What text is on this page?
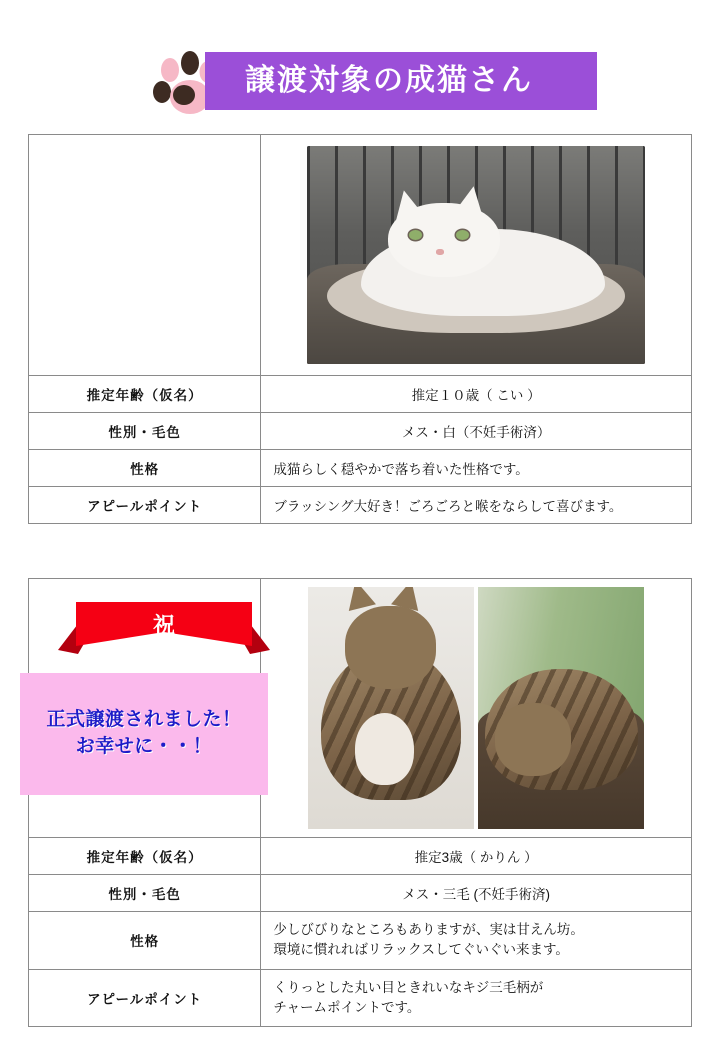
譲渡対象の成猫さん

推定年齢（仮名）	推定１０歳（ こい ）
性別・毛色	メス・白（不妊手術済）
性格	成猫らしく穏やかで落ち着いた性格です。
アピールポイント	ブラッシング大好き！ごろごろと喉をならして喜びます。

推定年齢（仮名）	推定3歳（ かりん ）
性別・毛色	メス・三毛 (不妊手術済)
性格	少しびびりなところもありますが、実は甘えん坊。
環境に慣れればリラックスしてぐいぐい来ます。

アピールポイント	くりっとした丸い目ときれいなキジ三毛柄が
チャームポイントです。
祝
正式譲渡されました！
お幸せに・・！
